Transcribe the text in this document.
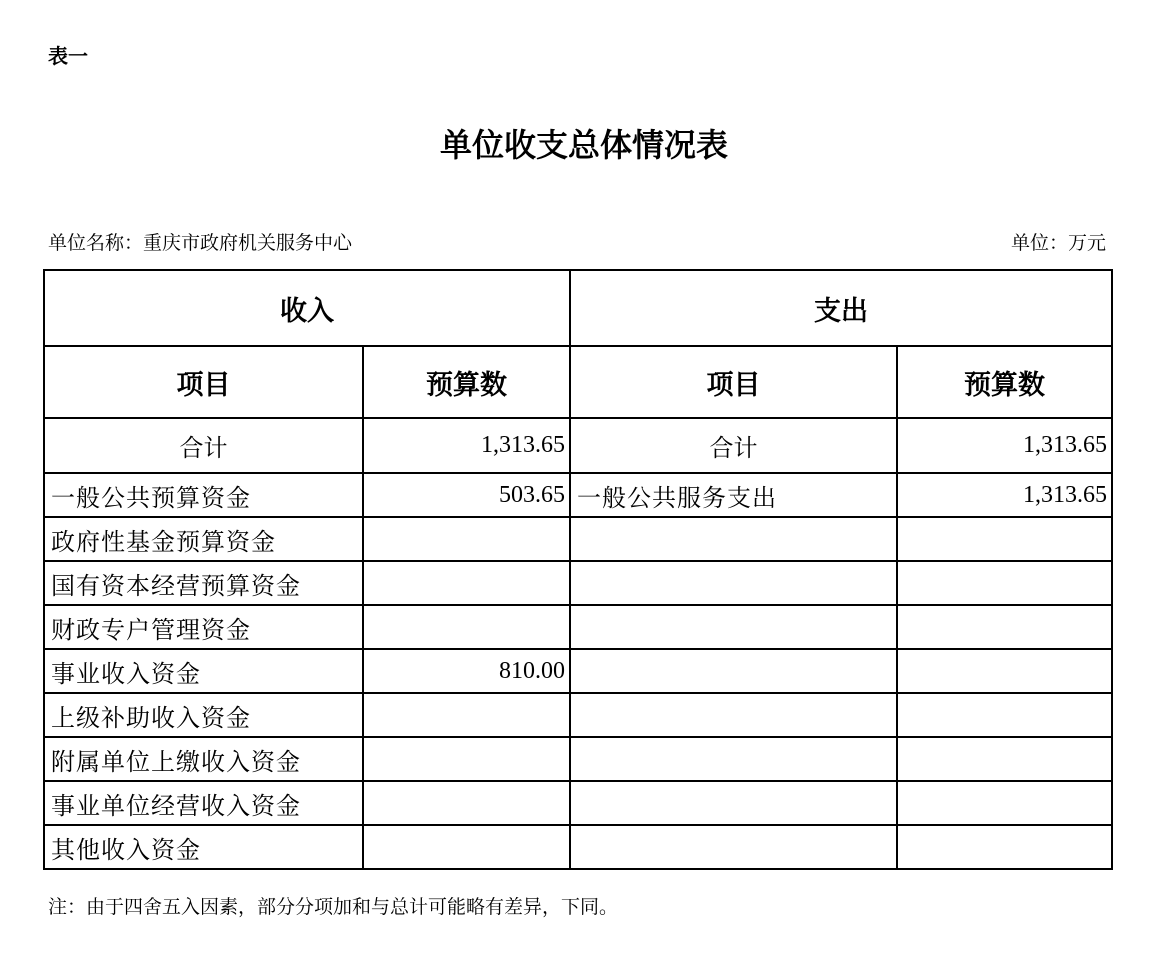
表一
单位收支总体情况表
单位名称：重庆市政府机关服务中心	单位：万元
收入		支出	
项目	预算数	项目	预算数
合计	1,313.65	合计	1,313.65
一般公共预算资金	503.65	一般公共服务支出	1,313.65
政府性基金预算资金			
国有资本经营预算资金			
财政专户管理资金			
事业收入资金	810.00		
上级补助收入资金			
附属单位上缴收入资金			
事业单位经营收入资金			
其他收入资金			
注：由于四舍五入因素，部分分项加和与总计可能略有差异，下同。
